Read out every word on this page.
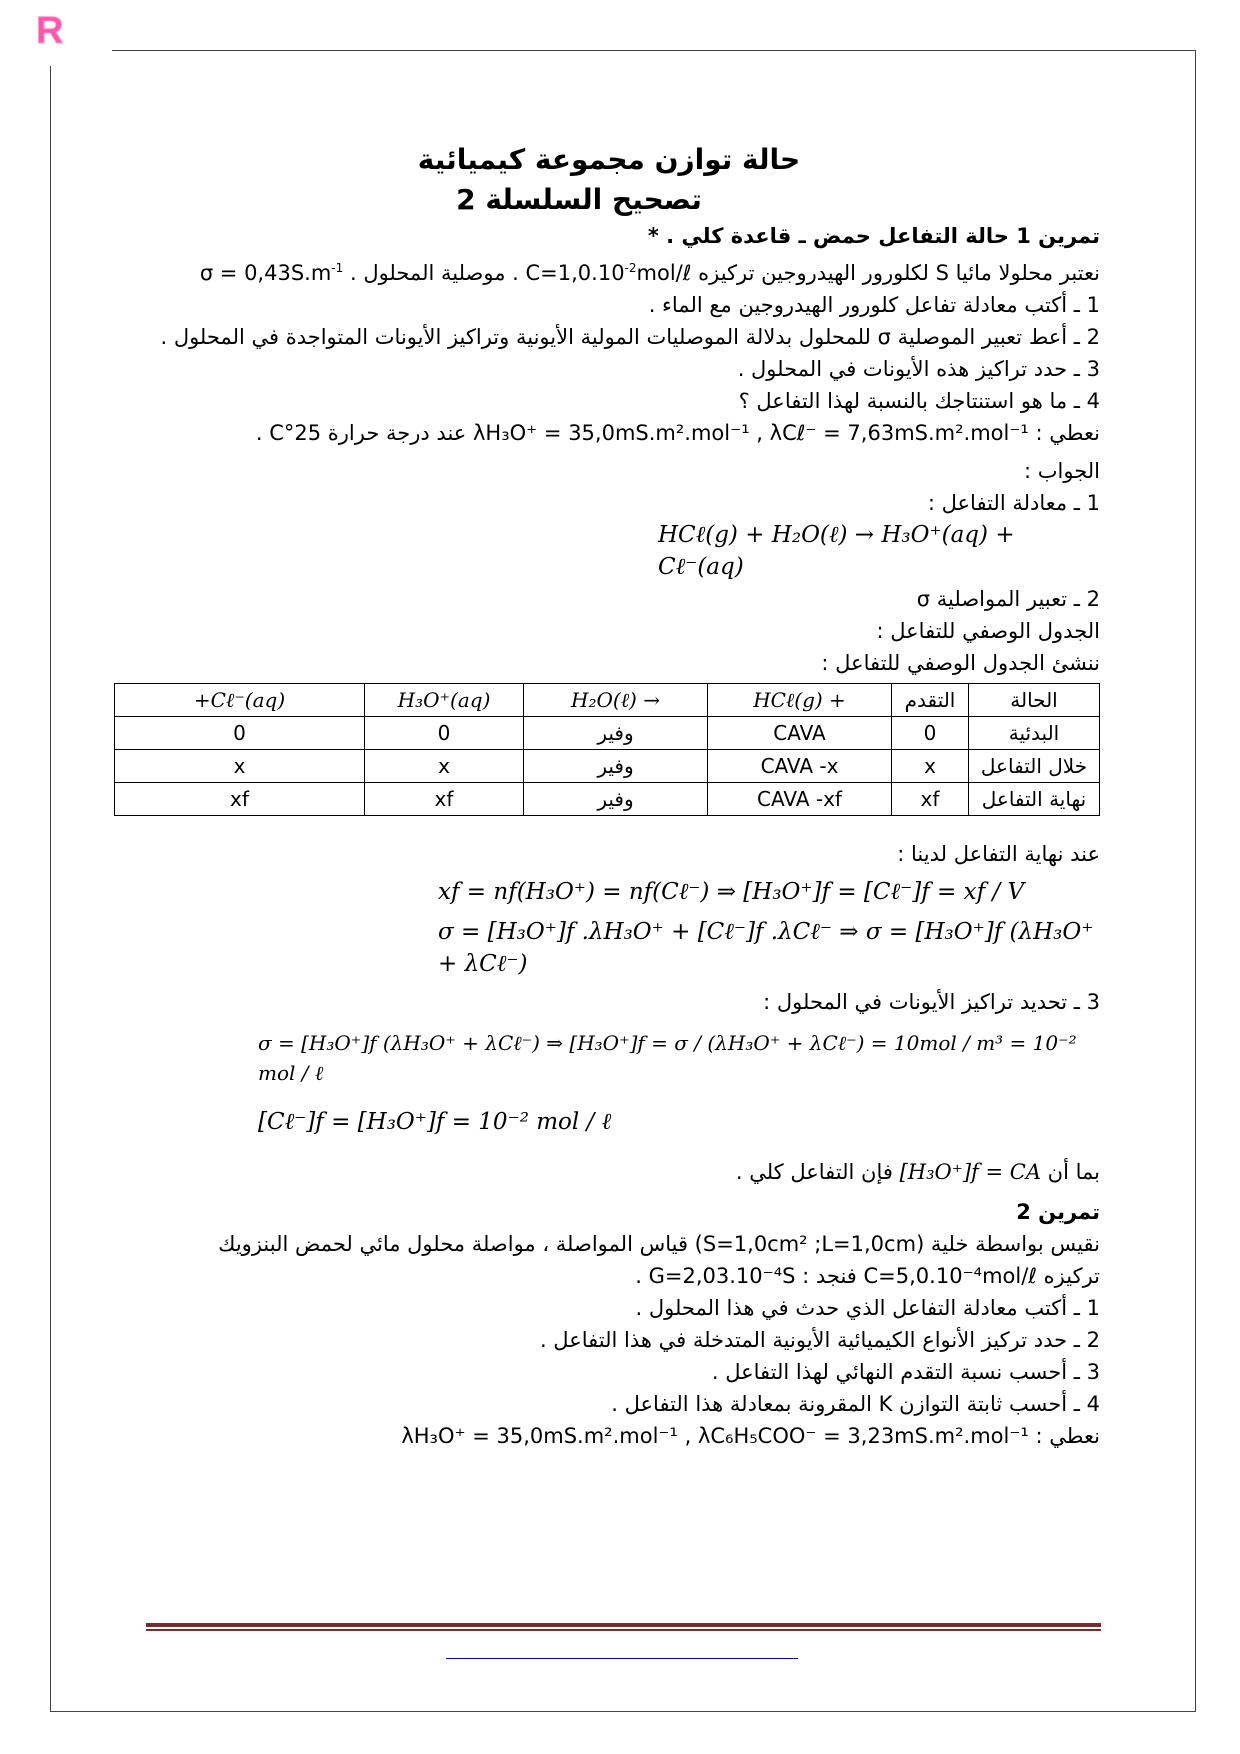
R
حالة توازن مجموعة كيميائية
تصحيح السلسلة 2
تمرين 1 حالة التفاعل حمض ـ قاعدة كلي . *
نعتبر محلولا مائيا S لكلورور الهيدروجين تركيزه $C=1,0.10^{-2}mol/\ell$ . موصلية المحلول $\sigma = 0,43S.m^{-1}$ .
1 ـ أكتب معادلة تفاعل كلورور الهيدروجين مع الماء .
2 ـ أعط تعبير الموصلية σ للمحلول بدلالة الموصليات المولية الأيونية وتراكيز الأيونات المتواجدة في المحلول .
3 ـ حدد تراكيز هذه الأيونات في المحلول .
4 ـ ما هو استنتاجك بالنسبة لهذا التفاعل ؟
نعطي : λH₃O⁺ = 35,0mS.m².mol⁻¹ , λCℓ⁻ = 7,63mS.m².mol⁻¹ عند درجة حرارة 25°C .
الجواب :
1 ـ معادلة التفاعل :
HCℓ(g) + H₂O(ℓ) → H₃O⁺(aq) + Cℓ⁻(aq)
2 ـ تعبير المواصلية σ
الجدول الوصفي للتفاعل :
ننشئ الجدول الوصفي للتفاعل :
الحالة	التقدم	HCℓ(g) +	H₂O(ℓ) →	H₃O⁺(aq)	+Cℓ⁻(aq)
البدئية	0	CAVA	وفير	0	0
خلال التفاعل	x	CAVA -x	وفير	x	x
نهاية التفاعل	xf	CAVA -xf	وفير	xf	xf
عند نهاية التفاعل لدينا :
xf = nf(H₃O⁺) = nf(Cℓ⁻) ⇒ [H₃O⁺]f = [Cℓ⁻]f = xf / V
σ = [H₃O⁺]f .λH₃O⁺ + [Cℓ⁻]f .λCℓ⁻ ⇒ σ = [H₃O⁺]f (λH₃O⁺ + λCℓ⁻)
3 ـ تحديد تراكيز الأيونات في المحلول :
σ = [H₃O⁺]f (λH₃O⁺ + λCℓ⁻) ⇒ [H₃O⁺]f = σ / (λH₃O⁺ + λCℓ⁻) = 10mol / m³ = 10⁻² mol / ℓ
[Cℓ⁻]f = [H₃O⁺]f = 10⁻² mol / ℓ
بما أن [H₃O⁺]f = CA فإن التفاعل كلي .
تمرين 2
نقيس بواسطة خلية (S=1,0cm² ;L=1,0cm) قياس المواصلة ، مواصلة محلول مائي لحمض البنزويك
تركيزه C=5,0.10⁻⁴mol/ℓ فنجد : G=2,03.10⁻⁴S .
1 ـ أكتب معادلة التفاعل الذي حدث في هذا المحلول .
2 ـ حدد تركيز الأنواع الكيميائية الأيونية المتدخلة في هذا التفاعل .
3 ـ أحسب نسبة التقدم النهائي لهذا التفاعل .
4 ـ أحسب ثابتة التوازن K المقرونة بمعادلة هذا التفاعل .
نعطي : λH₃O⁺ = 35,0mS.m².mol⁻¹ , λC₆H₅COO⁻ = 3,23mS.m².mol⁻¹
